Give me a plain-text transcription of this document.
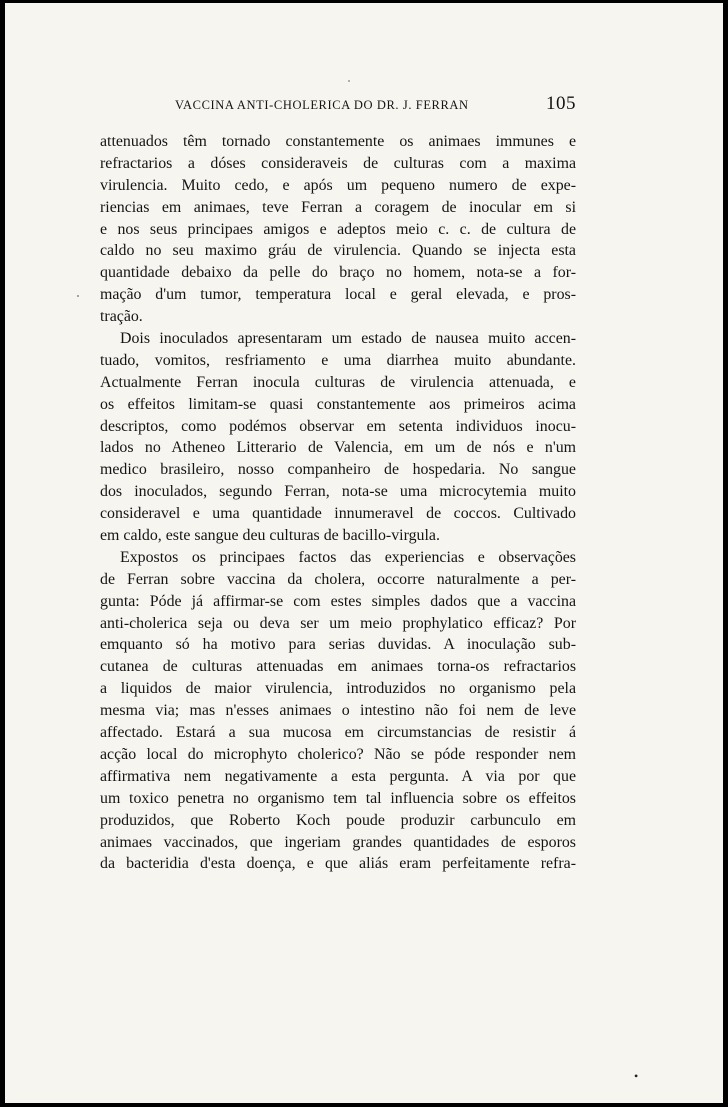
VACCINA ANTI-CHOLERICA DO DR. J. FERRAN	105
attenuados têm tornado constantemente os animaes immunes e
refractarios a dóses consideraveis de culturas com a maxima
virulencia. Muito cedo, e após um pequeno numero de expe-
riencias em animaes, teve Ferran a coragem de inocular em si
e nos seus principaes amigos e adeptos meio c. c. de cultura de
caldo no seu maximo gráu de virulencia. Quando se injecta esta
quantidade debaixo da pelle do braço no homem, nota-se a for-
mação d'um tumor, temperatura local e geral elevada, e pros-
tração.
Dois inoculados apresentaram um estado de nausea muito accen-
tuado, vomitos, resfriamento e uma diarrhea muito abundante.
Actualmente Ferran inocula culturas de virulencia attenuada, e
os effeitos limitam-se quasi constantemente aos primeiros acima
descriptos, como podémos observar em setenta individuos inocu-
lados no Atheneo Litterario de Valencia, em um de nós e n'um
medico brasileiro, nosso companheiro de hospedaria. No sangue
dos inoculados, segundo Ferran, nota-se uma microcytemia muito
consideravel e uma quantidade innumeravel de coccos. Cultivado
em caldo, este sangue deu culturas de bacillo-virgula.
Expostos os principaes factos das experiencias e observações
de Ferran sobre vaccina da cholera, occorre naturalmente a per-
gunta: Póde já affirmar-se com estes simples dados que a vaccina
anti-cholerica seja ou deva ser um meio prophylatico efficaz? Por
emquanto só ha motivo para serias duvidas. A inoculação sub-
cutanea de culturas attenuadas em animaes torna-os refractarios
a liquidos de maior virulencia, introduzidos no organismo pela
mesma via; mas n'esses animaes o intestino não foi nem de leve
affectado. Estará a sua mucosa em circumstancias de resistir á
acção local do microphyto cholerico? Não se póde responder nem
affirmativa nem negativamente a esta pergunta. A via por que
um toxico penetra no organismo tem tal influencia sobre os effeitos
produzidos, que Roberto Koch poude produzir carbunculo em
animaes vaccinados, que ingeriam grandes quantidades de esporos
da bacteridia d'esta doença, e que aliás eram perfeitamente refra-
•
